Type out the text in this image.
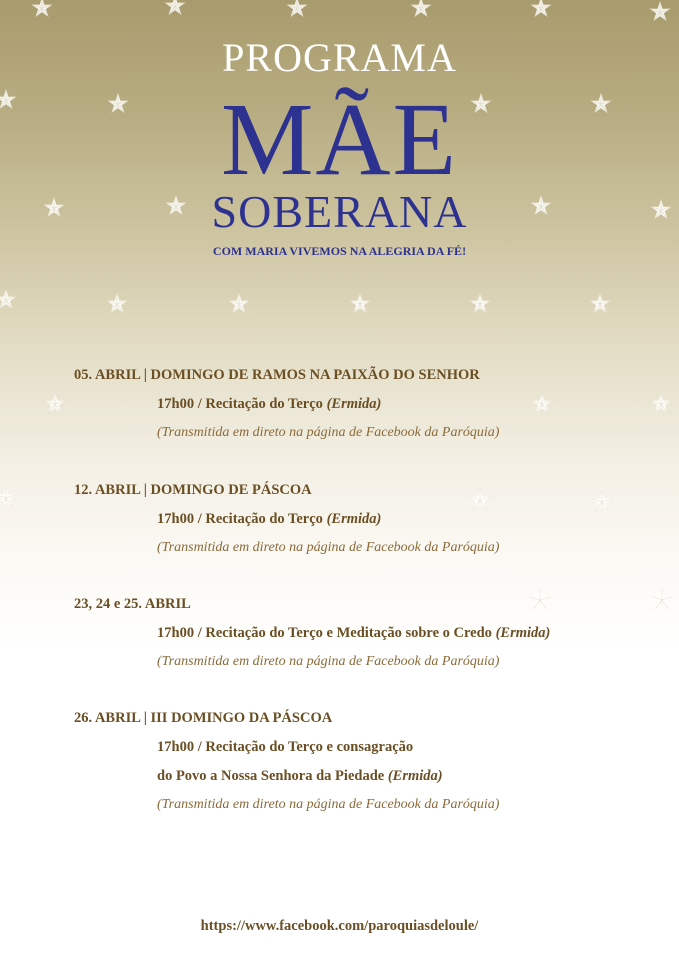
PROGRAMA
MÃE
SOBERANA
COM MARIA VIVEMOS NA ALEGRIA DA FÉ!
05. ABRIL | DOMINGO DE RAMOS NA PAIXÃO DO SENHOR
17h00 / Recitação do Terço (Ermida)
(Transmitida em direto na página de Facebook da Paróquia)
12. ABRIL | DOMINGO DE PÁSCOA
17h00 / Recitação do Terço (Ermida)
(Transmitida em direto na página de Facebook da Paróquia)
23, 24 e 25. ABRIL
17h00 / Recitação do Terço e Meditação sobre o Credo (Ermida)
(Transmitida em direto na página de Facebook da Paróquia)
26. ABRIL | III DOMINGO DA PÁSCOA
17h00 / Recitação do Terço e consagração
do Povo a Nossa Senhora da Piedade (Ermida)
(Transmitida em direto na página de Facebook da Paróquia)
https://www.facebook.com/paroquiasdeloule/
